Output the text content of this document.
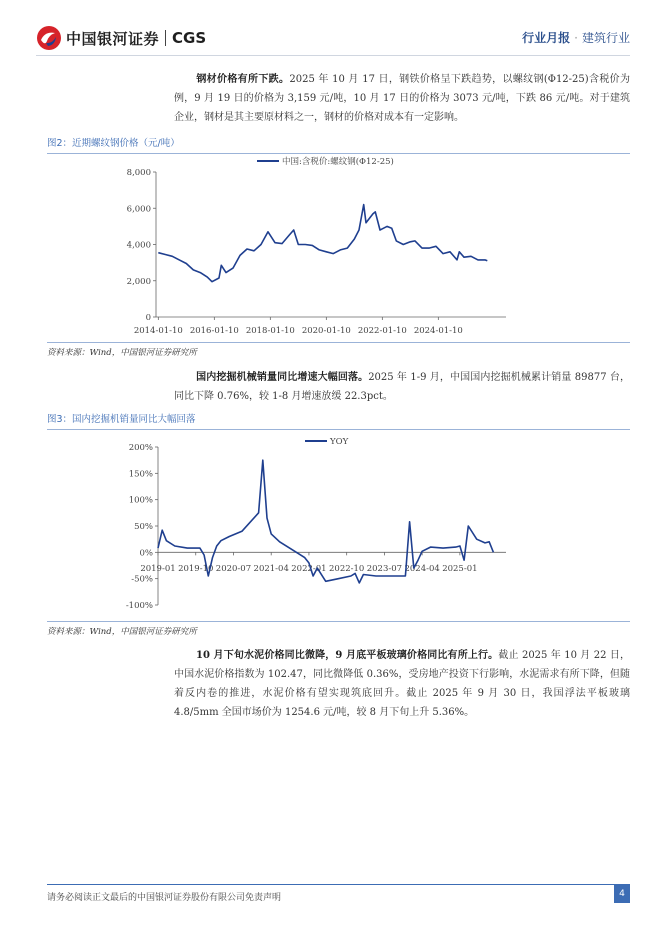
中国银河证券 CGS	行业月报 · 建筑行业
钢材价格有所下跌。2025 年 10 月 17 日，钢铁价格呈下跌趋势，以螺纹钢(Φ12-25)含税价为例，9 月 19 日的价格为 3,159 元/吨，10 月 17 日的价格为 3073 元/吨，下跌 86 元/吨。对于建筑企业，钢材是其主要原材料之一，钢材的价格对成本有一定影响。
图2：近期螺纹钢价格（元/吨）
8,000
6,000
4,000
2,000
0
2014-01-10 2016-01-10 2018-01-10 2020-01-10 2022-01-10 2024-01-10
中国:含税价:螺纹钢(Φ12-25)
资料来源：Wind，中国银河证券研究所
国内挖掘机械销量同比增速大幅回落。2025 年 1-9 月，中国国内挖掘机械累计销量 89877 台，同比下降 0.76%，较 1-8 月增速放缓 22.3pct。
图3：国内挖掘机销量同比大幅回落
200%
150%
100%
50%
0%
-50%
-100%
2019-01 2019-10 2020-07 2021-04 2022-01 2022-10 2023-07 2024-04 2025-01
YOY
资料来源：Wind，中国银河证券研究所
10 月下旬水泥价格同比微降，9 月底平板玻璃价格同比有所上行。截止 2025 年 10 月 22 日，中国水泥价格指数为 102.47，同比微降低 0.36%，受房地产投资下行影响，水泥需求有所下降，但随着反内卷的推进，水泥价格有望实现筑底回升。截止 2025 年 9 月 30 日，我国浮法平板玻璃 4.8/5mm 全国市场价为 1254.6 元/吨，较 8 月下旬上升 5.36%。
请务必阅读正文最后的中国银河证券股份有限公司免责声明	4
